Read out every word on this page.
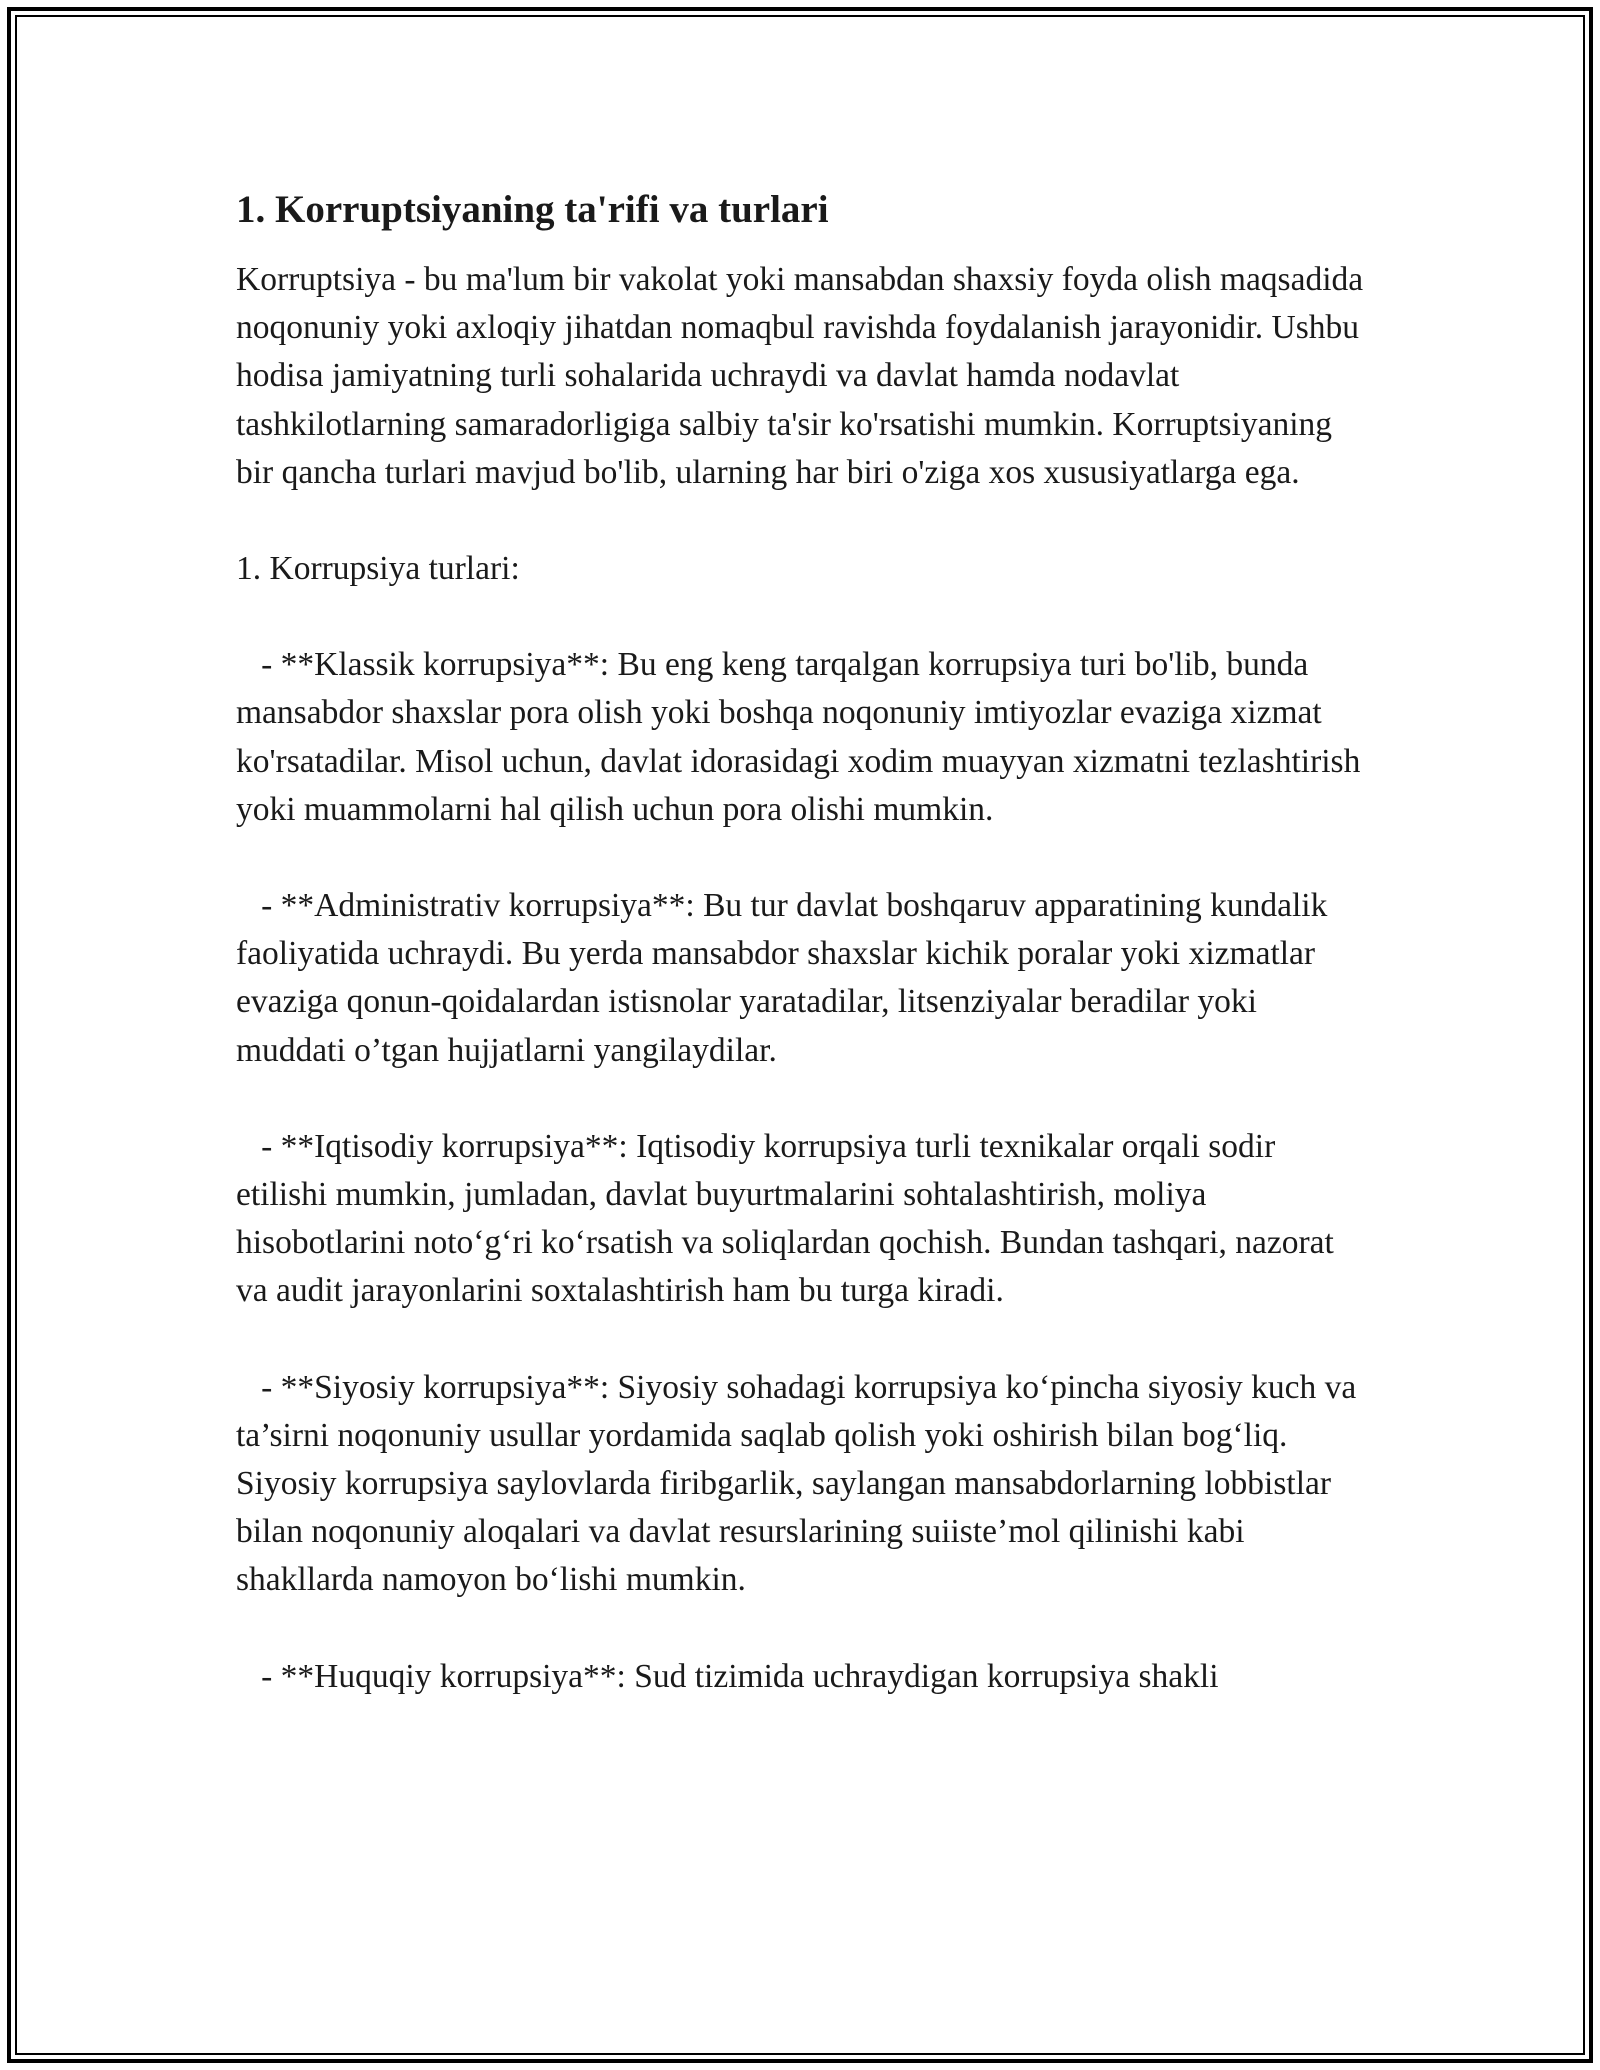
1. Korruptsiyaning ta'rifi va turlari
Korruptsiya - bu ma'lum bir vakolat yoki mansabdan shaxsiy foyda olish maqsadida noqonuniy yoki axloqiy jihatdan nomaqbul ravishda foydalanish jarayonidir. Ushbu hodisa jamiyatning turli sohalarida uchraydi va davlat hamda nodavlat tashkilotlarning samaradorligiga salbiy ta'sir ko'rsatishi mumkin. Korruptsiyaning bir qancha turlari mavjud bo'lib, ularning har biri o'ziga xos xususiyatlarga ega.
1. Korrupsiya turlari:
- **Klassik korrupsiya**: Bu eng keng tarqalgan korrupsiya turi bo'lib, bunda mansabdor shaxslar pora olish yoki boshqa noqonuniy imtiyozlar evaziga xizmat ko'rsatadilar. Misol uchun, davlat idorasidagi xodim muayyan xizmatni tezlashtirish yoki muammolarni hal qilish uchun pora olishi mumkin.
- **Administrativ korrupsiya**: Bu tur davlat boshqaruv apparatining kundalik faoliyatida uchraydi. Bu yerda mansabdor shaxslar kichik poralar yoki xizmatlar evaziga qonun-qoidalardan istisnolar yaratadilar, litsenziyalar beradilar yoki muddati o’tgan hujjatlarni yangilaydilar.
- **Iqtisodiy korrupsiya**: Iqtisodiy korrupsiya turli texnikalar orqali sodir etilishi mumkin, jumladan, davlat buyurtmalarini sohtalashtirish, moliya hisobotlarini noto‘g‘ri ko‘rsatish va soliqlardan qochish. Bundan tashqari, nazorat va audit jarayonlarini soxtalashtirish ham bu turga kiradi.
- **Siyosiy korrupsiya**: Siyosiy sohadagi korrupsiya ko‘pincha siyosiy kuch va ta’sirni noqonuniy usullar yordamida saqlab qolish yoki oshirish bilan bog‘liq. Siyosiy korrupsiya saylovlarda firibgarlik, saylangan mansabdorlarning lobbistlar bilan noqonuniy aloqalari va davlat resurslarining suiiste’mol qilinishi kabi shakllarda namoyon bo‘lishi mumkin.
- **Huquqiy korrupsiya**: Sud tizimida uchraydigan korrupsiya shakli
